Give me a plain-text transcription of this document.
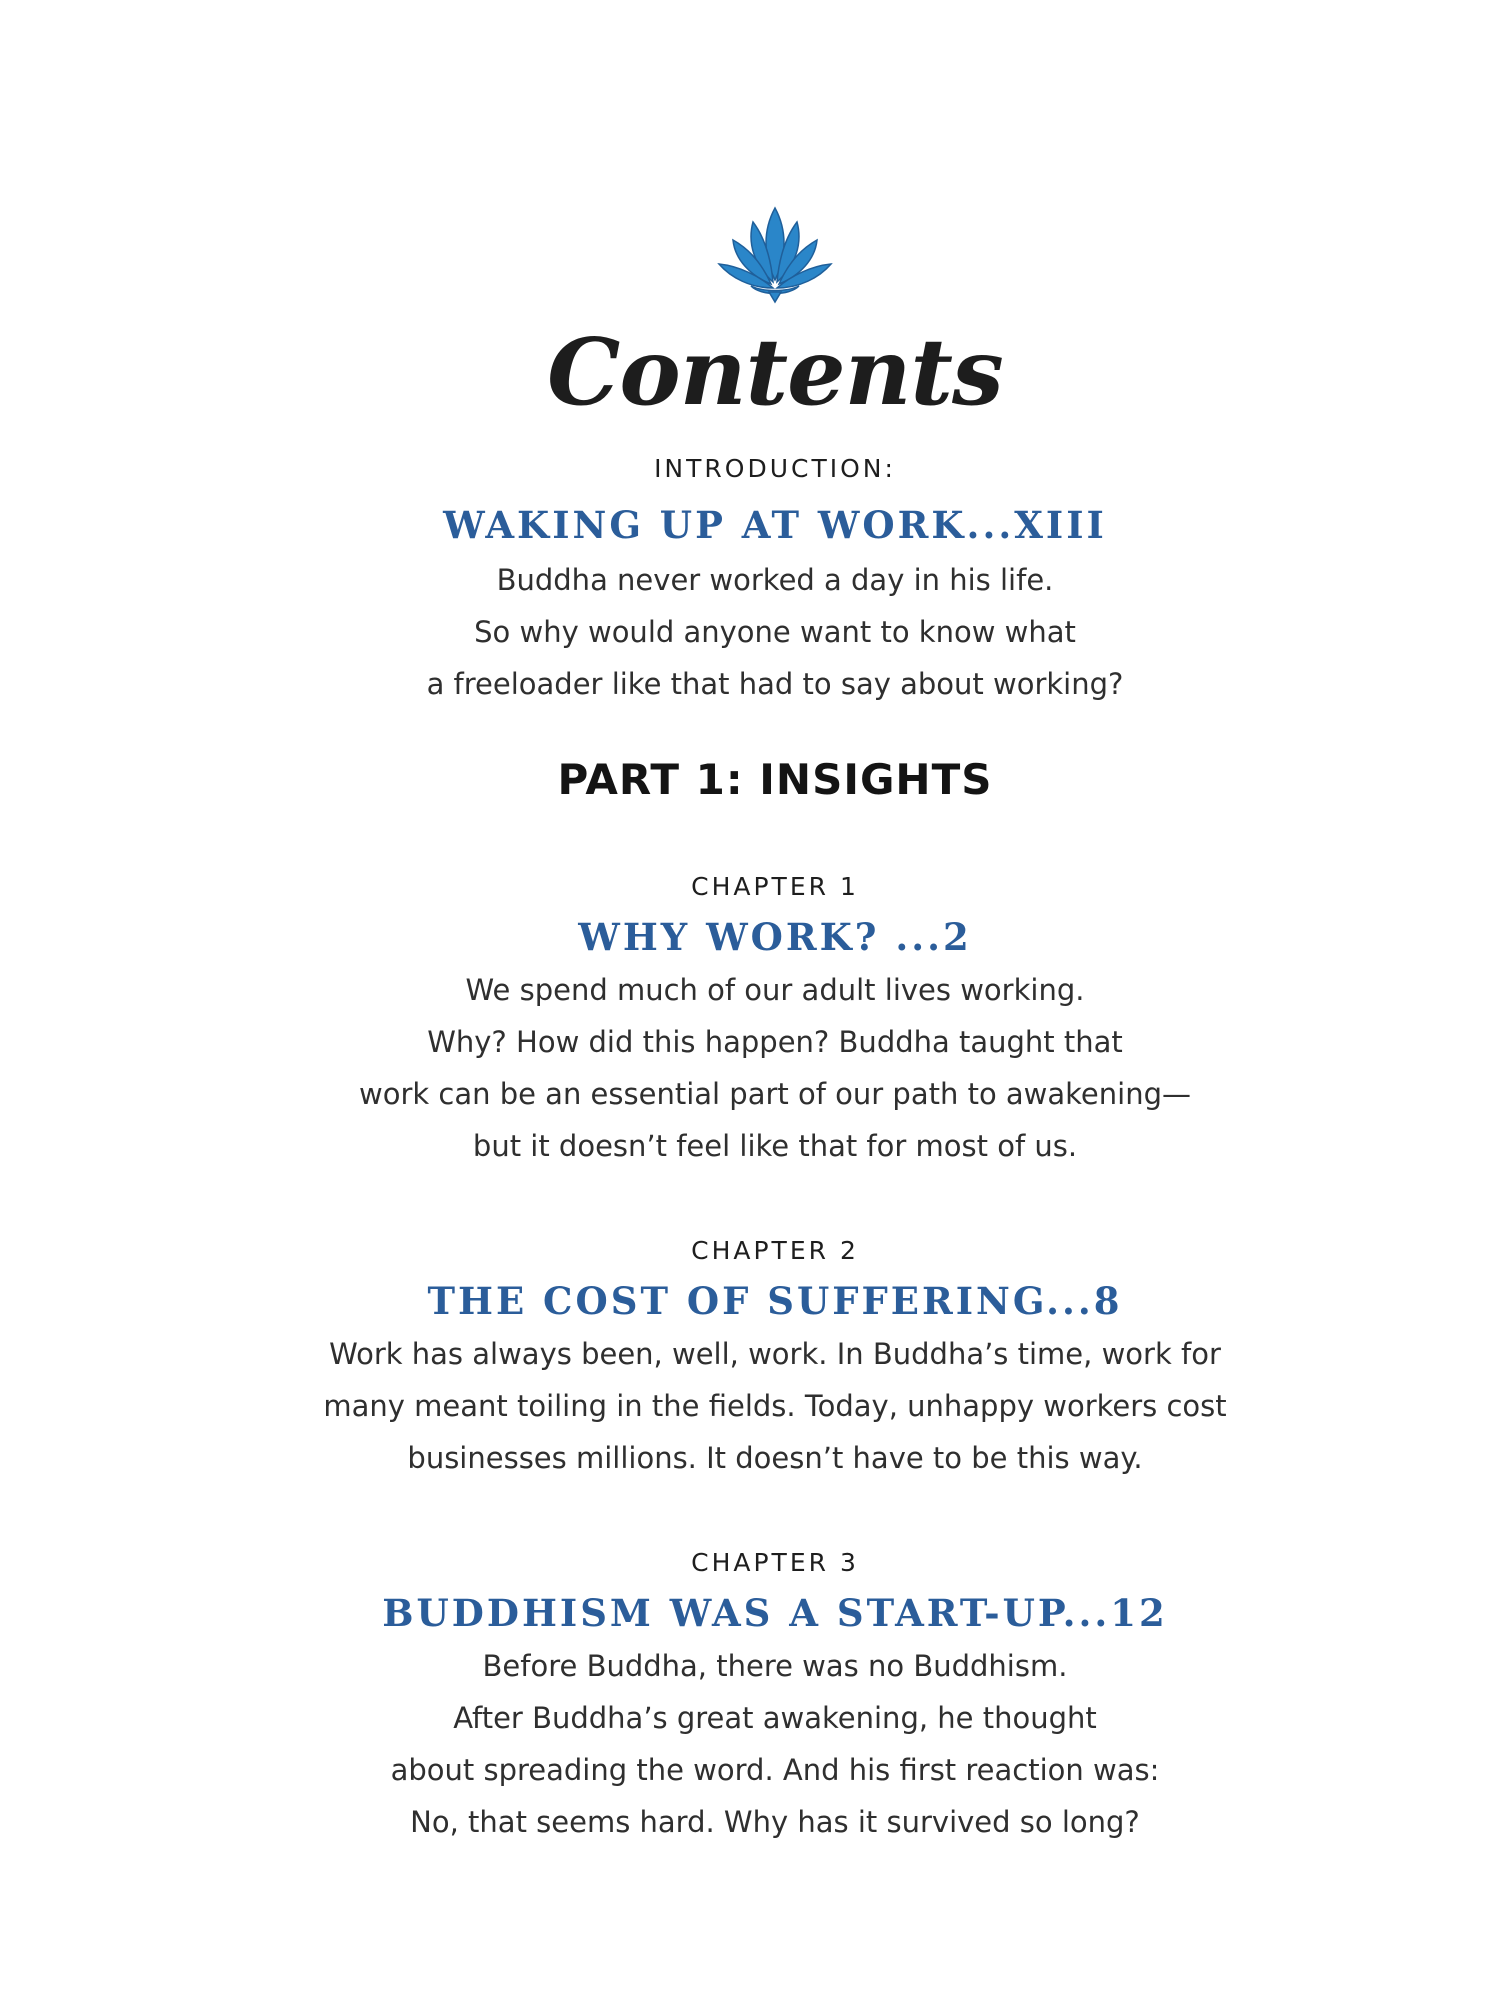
Contents
INTRODUCTION:
WAKING UP AT WORK...XIII
Buddha never worked a day in his life.
So why would anyone want to know what
a freeloader like that had to say about working?
PART 1: INSIGHTS
CHAPTER 1
WHY WORK? ...2
We spend much of our adult lives working.
Why? How did this happen? Buddha taught that
work can be an essential part of our path to awakening—
but it doesn’t feel like that for most of us.
CHAPTER 2
THE COST OF SUFFERING...8
Work has always been, well, work. In Buddha’s time, work for
many meant toiling in the fields. Today, unhappy workers cost
businesses millions. It doesn’t have to be this way.
CHAPTER 3
BUDDHISM WAS A START-UP...12
Before Buddha, there was no Buddhism.
After Buddha’s great awakening, he thought
about spreading the word. And his first reaction was:
No, that seems hard. Why has it survived so long?
